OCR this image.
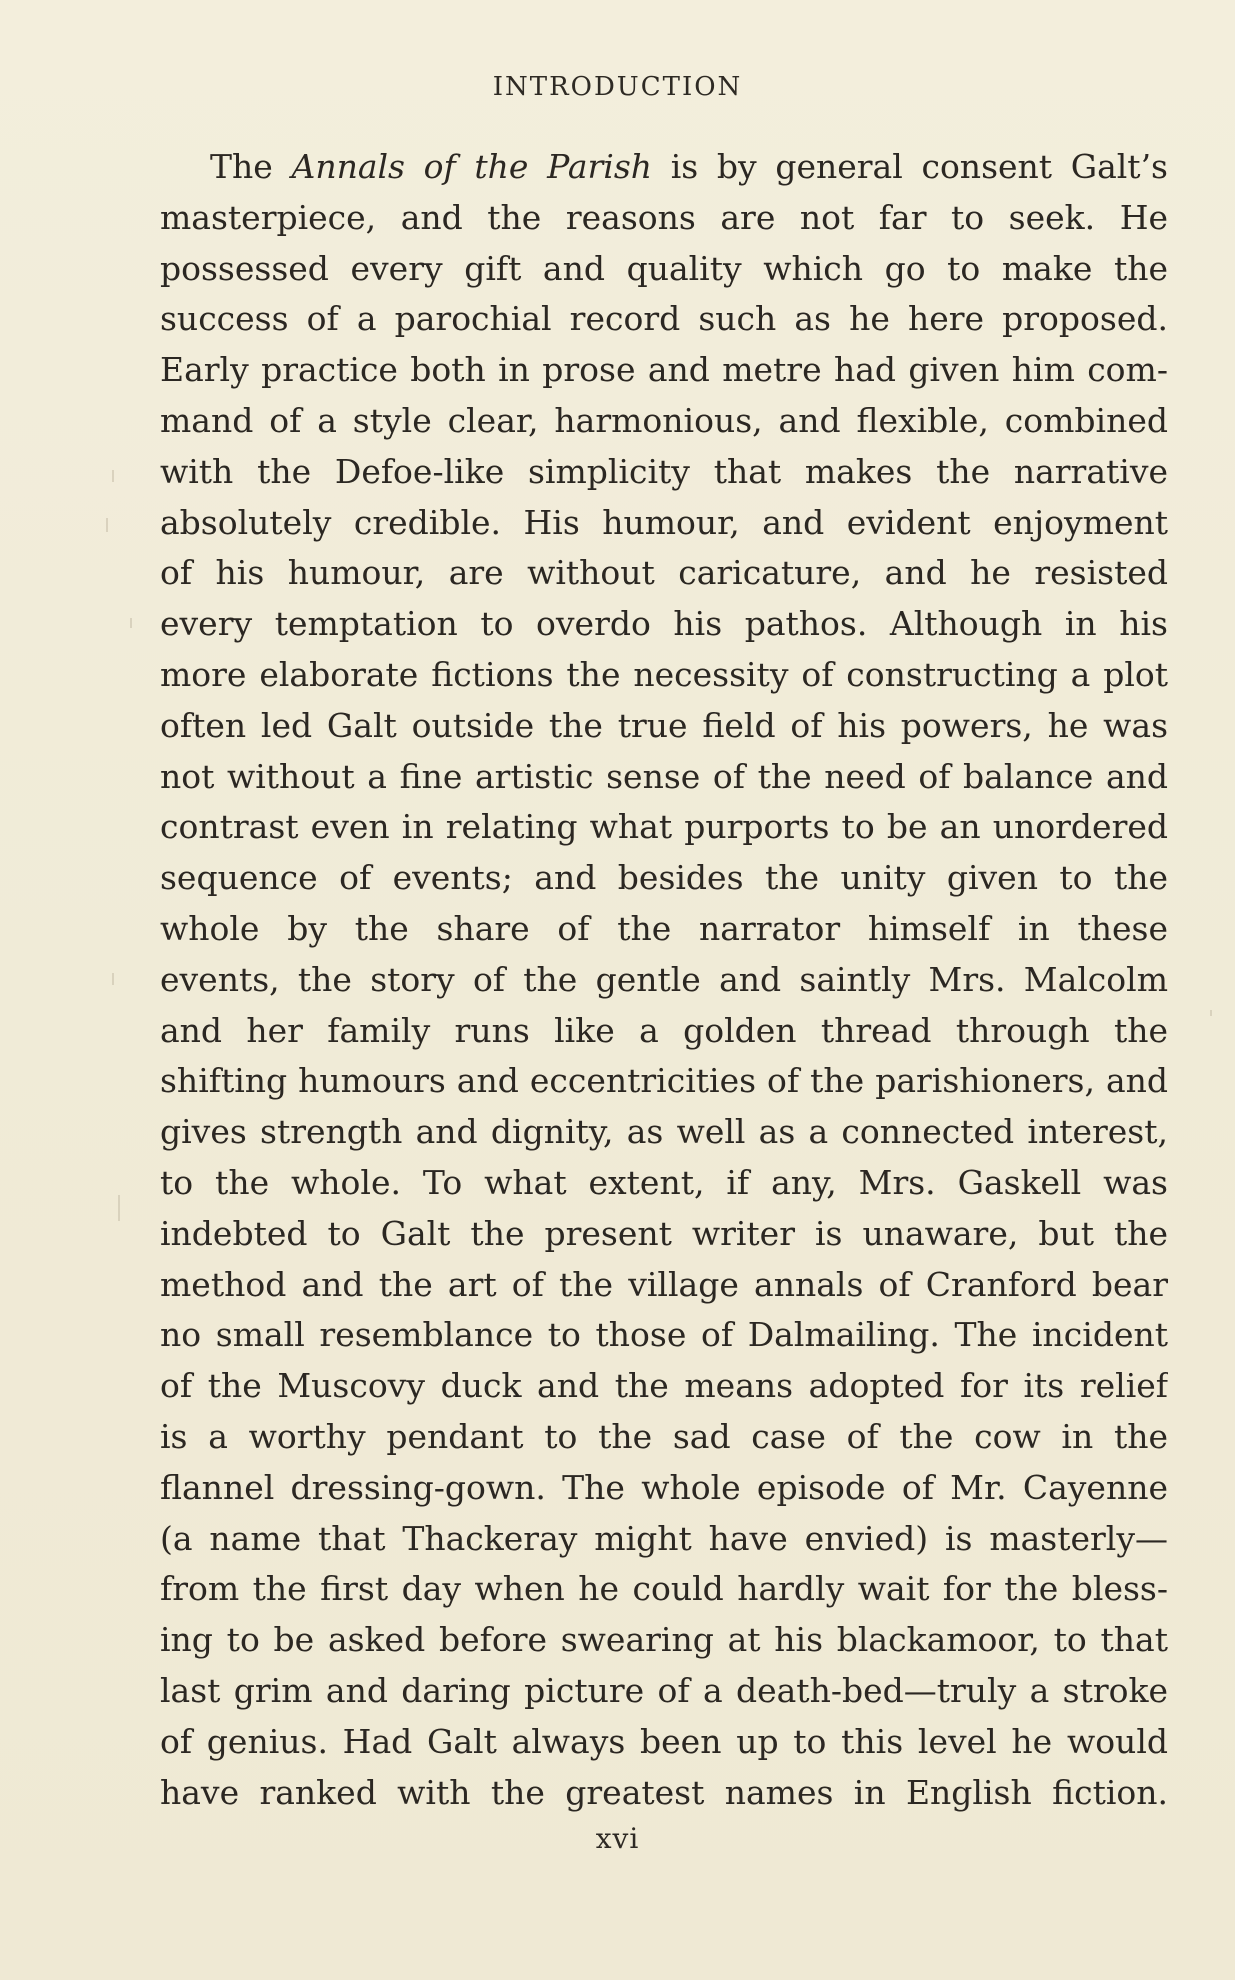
INTRODUCTION
The Annals of the Parish is by general consent Galt’s
masterpiece, and the reasons are not far to seek. He
possessed every gift and quality which go to make the
success of a parochial record such as he here proposed.
Early practice both in prose and metre had given him com-
mand of a style clear, harmonious, and flexible, combined
with the Defoe-like simplicity that makes the narrative
absolutely credible. His humour, and evident enjoyment
of his humour, are without caricature, and he resisted
every temptation to overdo his pathos. Although in his
more elaborate fictions the necessity of constructing a plot
often led Galt outside the true field of his powers, he was
not without a fine artistic sense of the need of balance and
contrast even in relating what purports to be an unordered
sequence of events; and besides the unity given to the
whole by the share of the narrator himself in these
events, the story of the gentle and saintly Mrs. Malcolm
and her family runs like a golden thread through the
shifting humours and eccentricities of the parishioners, and
gives strength and dignity, as well as a connected interest,
to the whole. To what extent, if any, Mrs. Gaskell was
indebted to Galt the present writer is unaware, but the
method and the art of the village annals of Cranford bear
no small resemblance to those of Dalmailing. The incident
of the Muscovy duck and the means adopted for its relief
is a worthy pendant to the sad case of the cow in the
flannel dressing-gown. The whole episode of Mr. Cayenne
(a name that Thackeray might have envied) is masterly—
from the first day when he could hardly wait for the bless-
ing to be asked before swearing at his blackamoor, to that
last grim and daring picture of a death-bed—truly a stroke
of genius. Had Galt always been up to this level he would
have ranked with the greatest names in English fiction.
xvi
